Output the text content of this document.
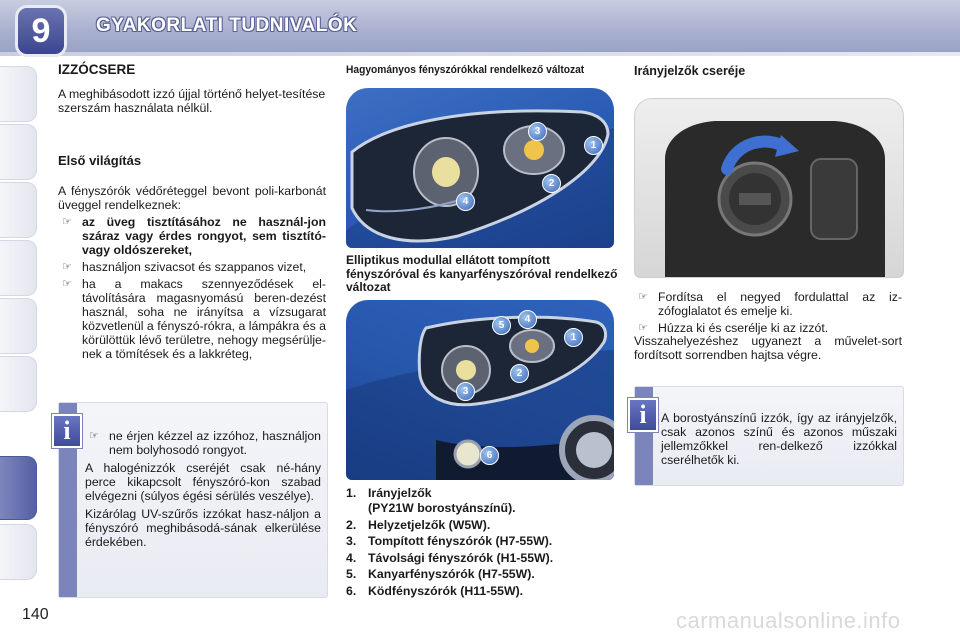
9	GYAKORLATI TUDNIVALÓK
IZZÓCSERE

A meghibásodott izzó újjal történő helyet-tesítése szerszám használata nélkül.

Első világítás

A fényszórók védőréteggel bevont poli-karbonát üveggel rendelkeznek:

☞ az üveg tisztításához ne használ-jon száraz vagy érdes rongyot, sem tisztító- vagy oldószereket,
☞ használjon szivacsot és szappanos vizet,
☞ ha a makacs szennyeződések el-távolítására magasnyomású beren-dezést használ, soha ne irányítsa a vízsugarat közvetlenül a fényszó-rókra, a lámpákra és a körülöttük lévő területre, nehogy megsérülje-nek a tömítések és a lakkréteg,
☞ ne érjen kézzel az izzóhoz, használjon nem bolyhosodó rongyot.

A halogénizzók cseréjét csak né-hány perce kikapcsolt fényszóró-kon szabad elvégezni (súlyos égési sérülés veszélye).

Kizárólag UV-szűrős izzókat hasz-náljon a fényszóró meghibásodá-sának elkerülése érdekében.

i
Hagyományos fényszórókkal rendelkező változat
3
1
2
4
Elliptikus modullal ellátott tompított fényszóróval és kanyarfényszóróval rendelkező változat
5
4
1
2
3
6
1. Irányjelzők
(PY21W borostyánszínű).
2. Helyzetjelzők (W5W).
3. Tompított fényszórók (H7-55W).
4. Távolsági fényszórók (H1-55W).
5. Kanyarfényszórók (H7-55W).
6. Ködfényszórók (H11-55W).
Irányjelzők cseréje
☞ Fordítsa el negyed fordulattal az iz-zófoglalatot és emelje ki.
☞ Húzza ki és cserélje ki az izzót.

Visszahelyezéshez ugyanezt a művelet-sort fordítsott sorrendben hajtsa végre.

A borostyánszínű izzók, így az irányjelzők, csak azonos színű és azonos műszaki jellemzőkkel ren-delkező izzókkal cserélhetők ki.

i
140	carmanualsonline.info
